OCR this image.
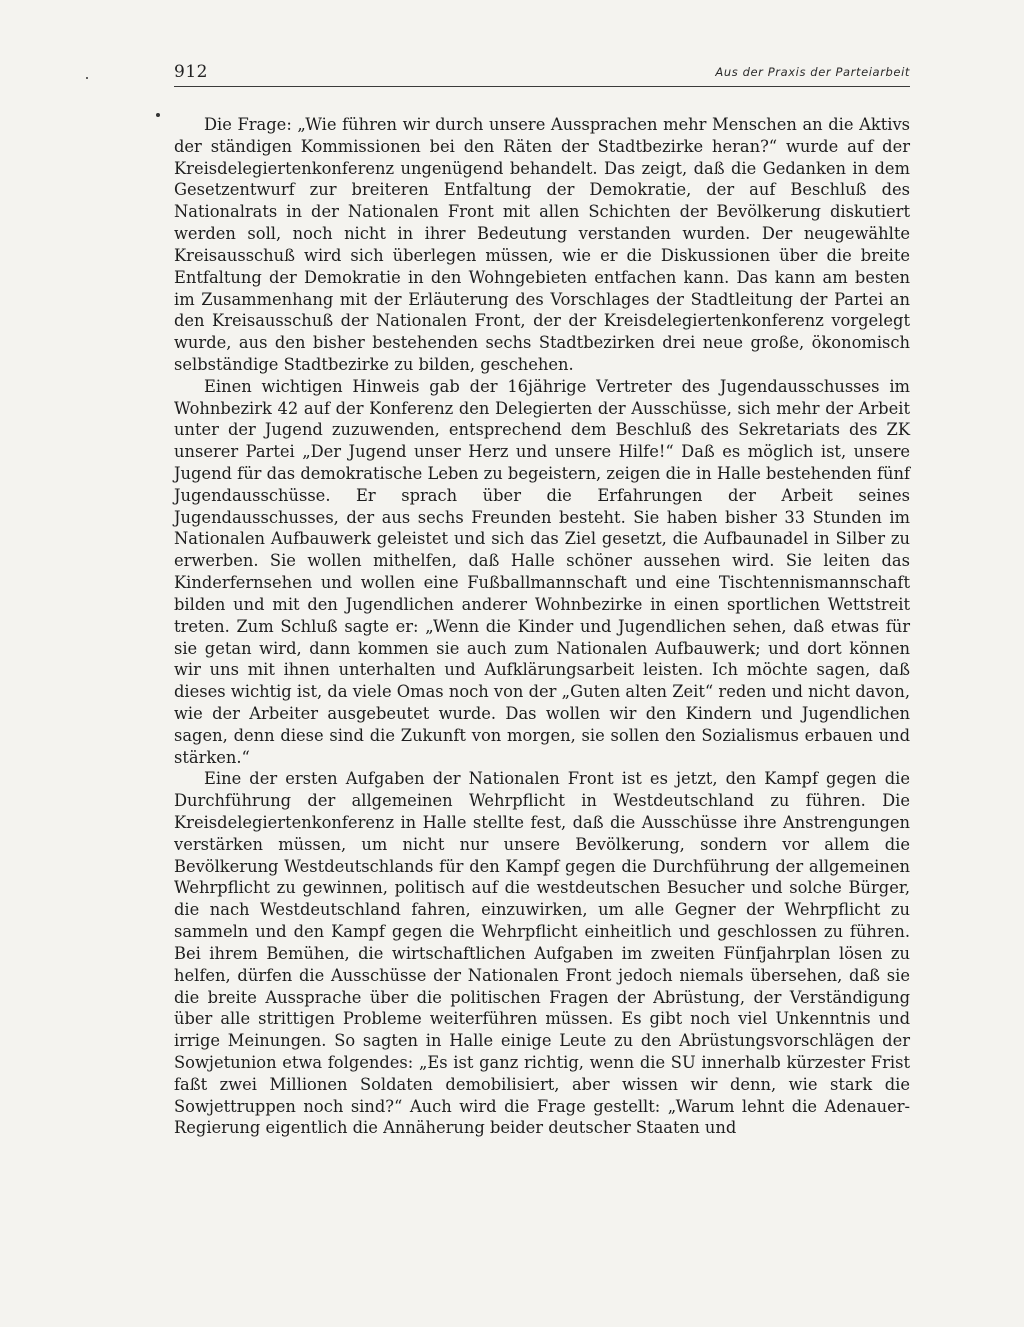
912	Aus der Praxis der Parteiarbeit

Die Frage: „Wie führen wir durch unsere Aussprachen mehr Menschen an die Aktivs der ständigen Kommissionen bei den Räten der Stadtbezirke heran?“ wurde auf der Kreisdelegiertenkonferenz ungenügend behandelt. Das zeigt, daß die Gedanken in dem Gesetzentwurf zur breiteren Entfaltung der Demokratie, der auf Beschluß des Nationalrats in der Nationalen Front mit allen Schichten der Bevölkerung diskutiert werden soll, noch nicht in ihrer Bedeutung verstanden wurden. Der neugewählte Kreisausschuß wird sich überlegen müssen, wie er die Diskussionen über die breite Entfaltung der Demokratie in den Wohngebieten entfachen kann. Das kann am besten im Zusammenhang mit der Erläuterung des Vorschlages der Stadtleitung der Partei an den Kreisausschuß der Nationalen Front, der der Kreisdelegiertenkonferenz vorgelegt wurde, aus den bisher bestehenden sechs Stadtbezirken drei neue große, ökonomisch selbständige Stadtbezirke zu bilden, geschehen.

Einen wichtigen Hinweis gab der 16jährige Vertreter des Jugendausschusses im Wohnbezirk 42 auf der Konferenz den Delegierten der Ausschüsse, sich mehr der Arbeit unter der Jugend zuzuwenden, entsprechend dem Beschluß des Sekretariats des ZK unserer Partei „Der Jugend unser Herz und unsere Hilfe!“ Daß es möglich ist, unsere Jugend für das demokratische Leben zu begeistern, zeigen die in Halle bestehenden fünf Jugendausschüsse. Er sprach über die Erfahrungen der Arbeit seines Jugendausschusses, der aus sechs Freunden besteht. Sie haben bisher 33 Stunden im Nationalen Aufbauwerk geleistet und sich das Ziel gesetzt, die Aufbaunadel in Silber zu erwerben. Sie wollen mithelfen, daß Halle schöner aussehen wird. Sie leiten das Kinderfernsehen und wollen eine Fußballmannschaft und eine Tischtennismannschaft bilden und mit den Jugendlichen anderer Wohnbezirke in einen sportlichen Wettstreit treten. Zum Schluß sagte er: „Wenn die Kinder und Jugendlichen sehen, daß etwas für sie getan wird, dann kommen sie auch zum Nationalen Aufbauwerk; und dort können wir uns mit ihnen unterhalten und Aufklärungsarbeit leisten. Ich möchte sagen, daß dieses wichtig ist, da viele Omas noch von der „Guten alten Zeit“ reden und nicht davon, wie der Arbeiter ausgebeutet wurde. Das wollen wir den Kindern und Jugendlichen sagen, denn diese sind die Zukunft von morgen, sie sollen den Sozialismus erbauen und stärken.“

Eine der ersten Aufgaben der Nationalen Front ist es jetzt, den Kampf gegen die Durchführung der allgemeinen Wehrpflicht in Westdeutschland zu führen. Die Kreisdelegiertenkonferenz in Halle stellte fest, daß die Ausschüsse ihre Anstrengungen verstärken müssen, um nicht nur unsere Bevölkerung, sondern vor allem die Bevölkerung Westdeutschlands für den Kampf gegen die Durchführung der allgemeinen Wehrpflicht zu gewinnen, politisch auf die westdeutschen Besucher und solche Bürger, die nach Westdeutschland fahren, einzuwirken, um alle Gegner der Wehrpflicht zu sammeln und den Kampf gegen die Wehrpflicht einheitlich und geschlossen zu führen. Bei ihrem Bemühen, die wirtschaftlichen Aufgaben im zweiten Fünfjahrplan lösen zu helfen, dürfen die Ausschüsse der Nationalen Front jedoch niemals übersehen, daß sie die breite Aussprache über die politischen Fragen der Abrüstung, der Verständigung über alle strittigen Probleme weiterführen müssen. Es gibt noch viel Unkenntnis und irrige Meinungen. So sagten in Halle einige Leute zu den Abrüstungsvorschlägen der Sowjetunion etwa folgendes: „Es ist ganz richtig, wenn die SU innerhalb kürzester Frist faßt zwei Millionen Soldaten demobilisiert, aber wissen wir denn, wie stark die Sowjettruppen noch sind?“ Auch wird die Frage gestellt: „Warum lehnt die Adenauer-Regierung eigentlich die Annäherung beider deutscher Staaten und
